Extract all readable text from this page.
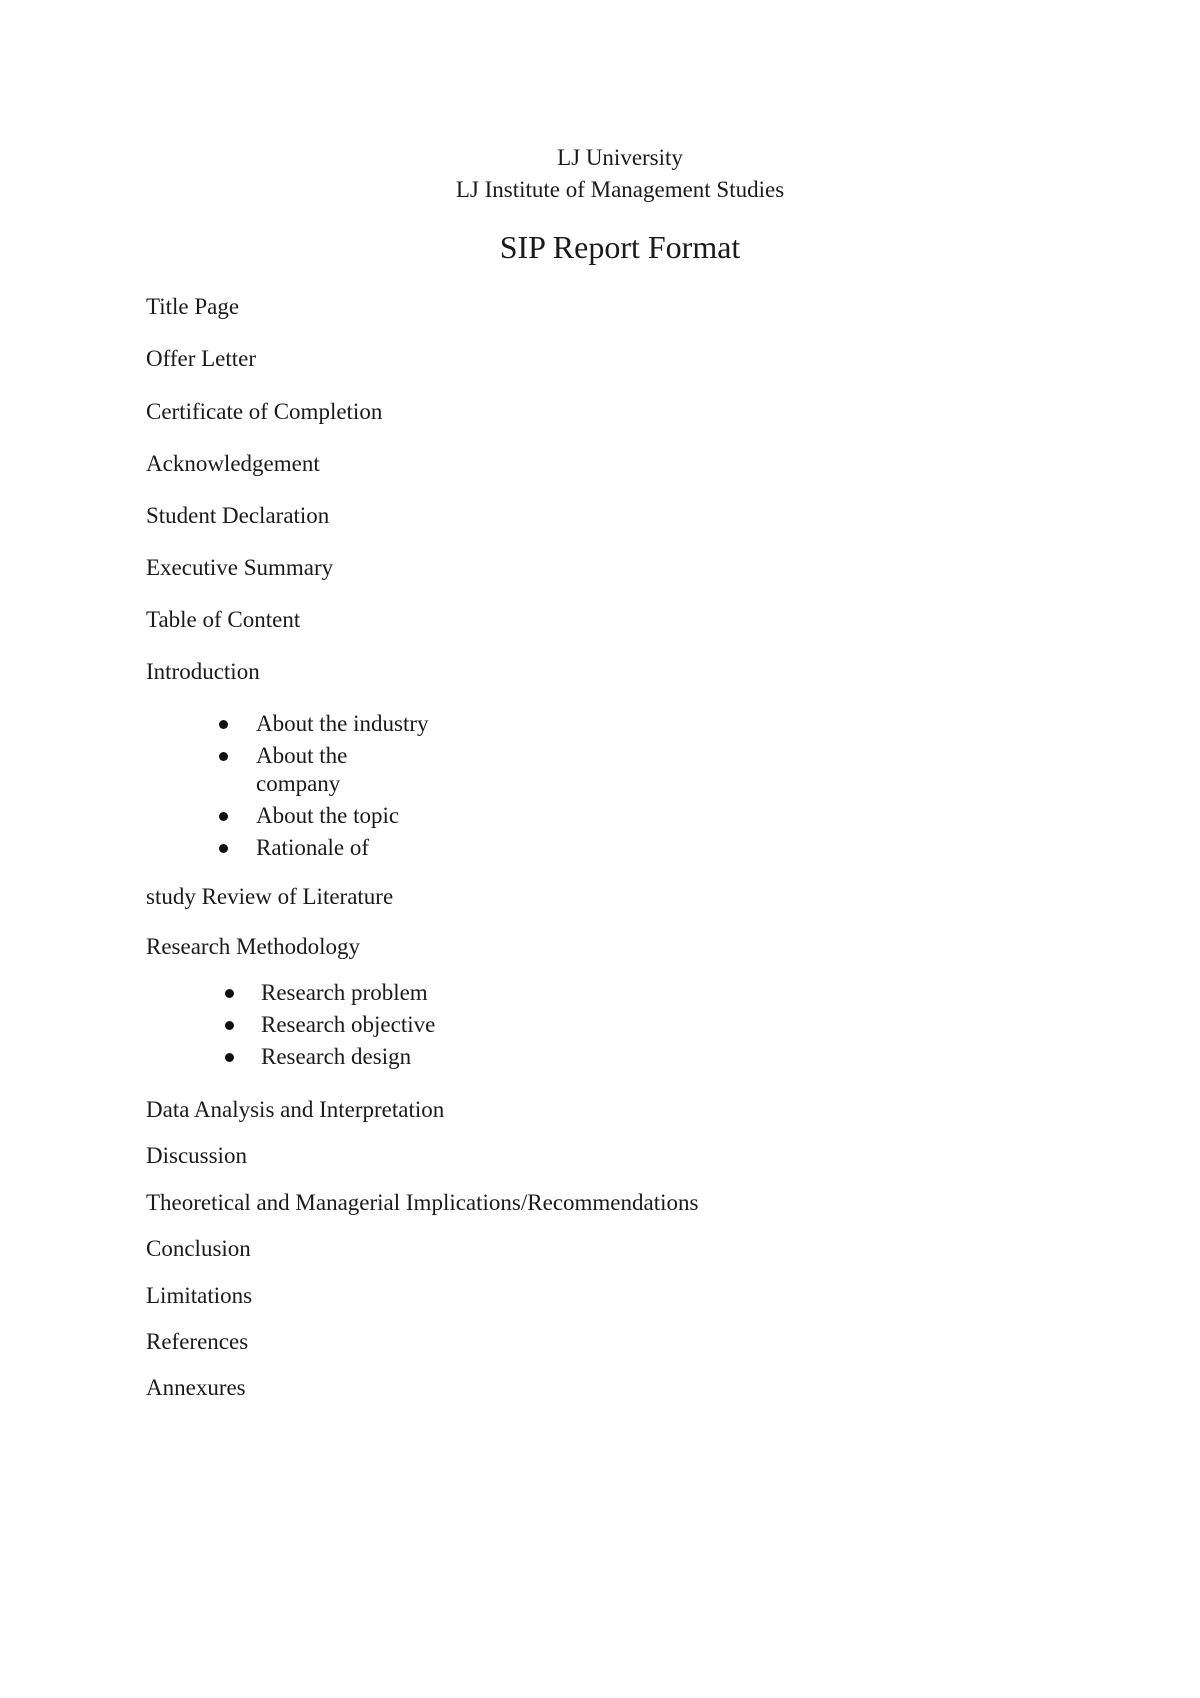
LJ University
LJ Institute of Management Studies
SIP Report Format
Title Page
Offer Letter
Certificate of Completion
Acknowledgement
Student Declaration
Executive Summary
Table of Content
Introduction
About the industry
About the company
About the topic
Rationale of
study Review of Literature
Research Methodology
Research problem
Research objective
Research design
Data Analysis and Interpretation
Discussion
Theoretical and Managerial Implications/Recommendations
Conclusion
Limitations
References
Annexures
